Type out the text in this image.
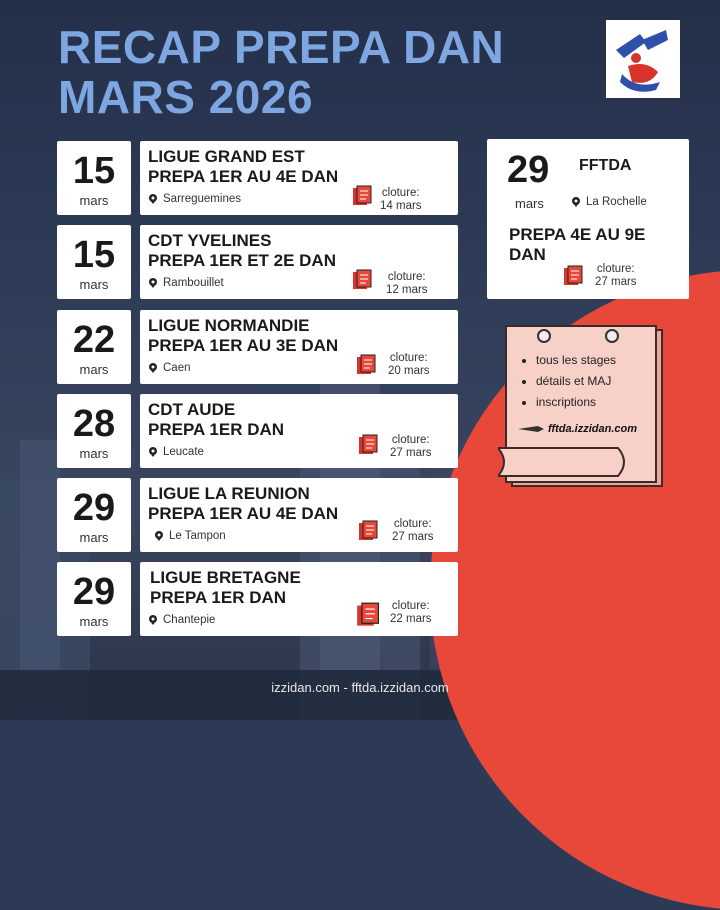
RECAP PREPA DAN
MARS 2026
15
mars
LIGUE GRAND EST
PREPA 1ER AU 4E DAN
Sarreguemines	cloture:
14 mars
15
mars
CDT YVELINES
PREPA 1ER ET 2E DAN
Rambouillet	cloture:
12 mars
22
mars
LIGUE NORMANDIE
PREPA 1ER AU 3E DAN
Caen
cloture:
20 mars
28
mars
CDT AUDE
PREPA 1ER DAN
Leucate
cloture:
27 mars
29
mars
LIGUE LA REUNION
PREPA 1ER AU 4E DAN
Le Tampon
cloture:
27 mars
29
mars
LIGUE BRETAGNE
PREPA 1ER DAN
Chantepie
cloture:
22 mars
29 FFTDA
mars	La Rochelle
PREPA 4E AU 9E
DAN
cloture:
27 mars
• tous les stages
• détails et MAJ
• inscriptions
fftda.izzidan.com
izzidan.com - fftda.izzidan.com
